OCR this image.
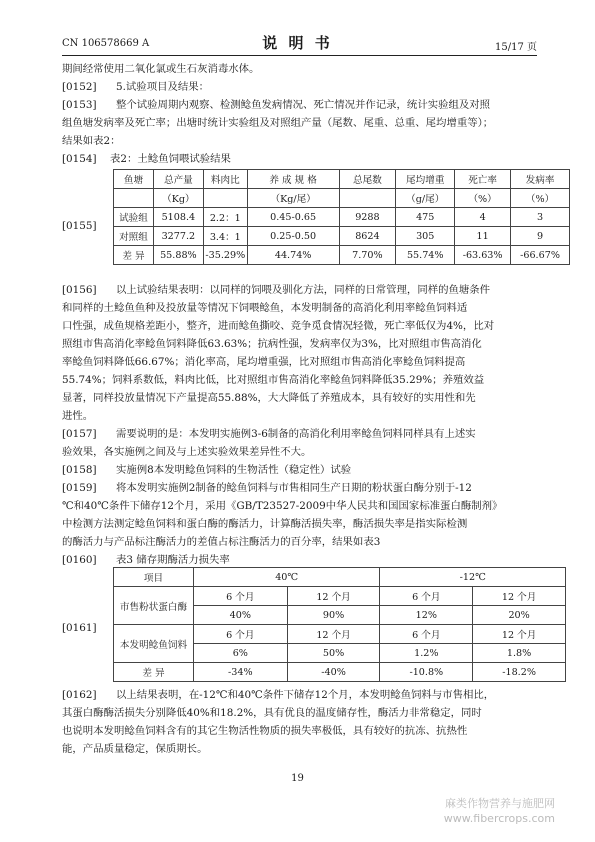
CN 106578669 A	说 明 书	15/17 页
期间经常使用二氧化氯或生石灰消毒水体。
[0152] 5.试验项目及结果：
[0153] 整个试验周期内观察、检测鲶鱼发病情况、死亡情况并作记录，统计实验组及对照
组鱼塘发病率及死亡率；出塘时统计实验组及对照组产量（尾数、尾重、总重、尾均增重等）；
结果如表2：
[0154] 表2：土鲶鱼饲喂试验结果
[0155]
鱼塘	总产量	料肉比	养 成 规 格	总尾数	尾均增重	死亡率	发病率
	（Kg）		（Kg/尾）		（g/尾）	（%）	（%）
试验组	5108.4	2.2：1	0.45-0.65	9288	475	4	3
对照组	3277.2	3.4：1	0.25-0.50	8624	305	11	9
差 异	55.88%	-35.29%	44.74%	7.70%	55.74%	-63.63%	-66.67%
[0156] 以上试验结果表明：以同样的饲喂及驯化方法，同样的日常管理，同样的鱼塘条件
和同样的土鲶鱼鱼种及投放量等情况下饲喂鲶鱼，本发明制备的高消化利用率鲶鱼饲料适
口性强，成鱼规格差距小，整齐，进而鲶鱼撕咬、竞争觅食情况轻微，死亡率低仅为4%，比对
照组市售高消化率鲶鱼饲料降低63.63%；抗病性强，发病率仅为3%，比对照组市售高消化
率鲶鱼饲料降低66.67%；消化率高，尾均增重强，比对照组市售高消化率鲶鱼饲料提高
55.74%；饲料系数低，料肉比低，比对照组市售高消化率鲶鱼饲料降低35.29%；养殖效益
显著，同样投放量情况下产量提高55.88%，大大降低了养殖成本，具有较好的实用性和先
进性。
[0157] 需要说明的是：本发明实施例3-6制备的高消化利用率鲶鱼饲料同样具有上述实
验效果，各实施例之间及与上述实验效果差异性不大。
[0158] 实施例8本发明鲶鱼饲料的生物活性（稳定性）试验
[0159] 将本发明实施例2制备的鲶鱼饲料与市售相同生产日期的粉状蛋白酶分别于-12
℃和40℃条件下储存12个月，采用《GB/T23527-2009中华人民共和国国家标准蛋白酶制剂》
中检测方法测定鲶鱼饲料和蛋白酶的酶活力，计算酶活损失率，酶活损失率是指实际检测
的酶活力与产品标注酶活力的差值占标注酶活力的百分率，结果如表3
[0160] 表3 储存期酶活力损失率
[0161]
项目	40℃		-12℃	
市售粉状蛋白酶	6 个月	12 个月	6 个月	12 个月
	40%	90%	12%	20%
本发明鲶鱼饲料	6 个月	12 个月	6 个月	12 个月
	6%	50%	1.2%	1.8%
差 异	-34%	-40%	-10.8%	-18.2%
[0162] 以上结果表明，在-12℃和40℃条件下储存12个月，本发明鲶鱼饲料与市售相比，
其蛋白酶酶活损失分别降低40%和18.2%，具有优良的温度储存性，酶活力非常稳定，同时
也说明本发明鲶鱼饲料含有的其它生物活性物质的损失率极低，具有较好的抗冻、抗热性
能，产品质量稳定，保质期长。
19
麻类作物营养与施肥网
www.fibercrops.com
